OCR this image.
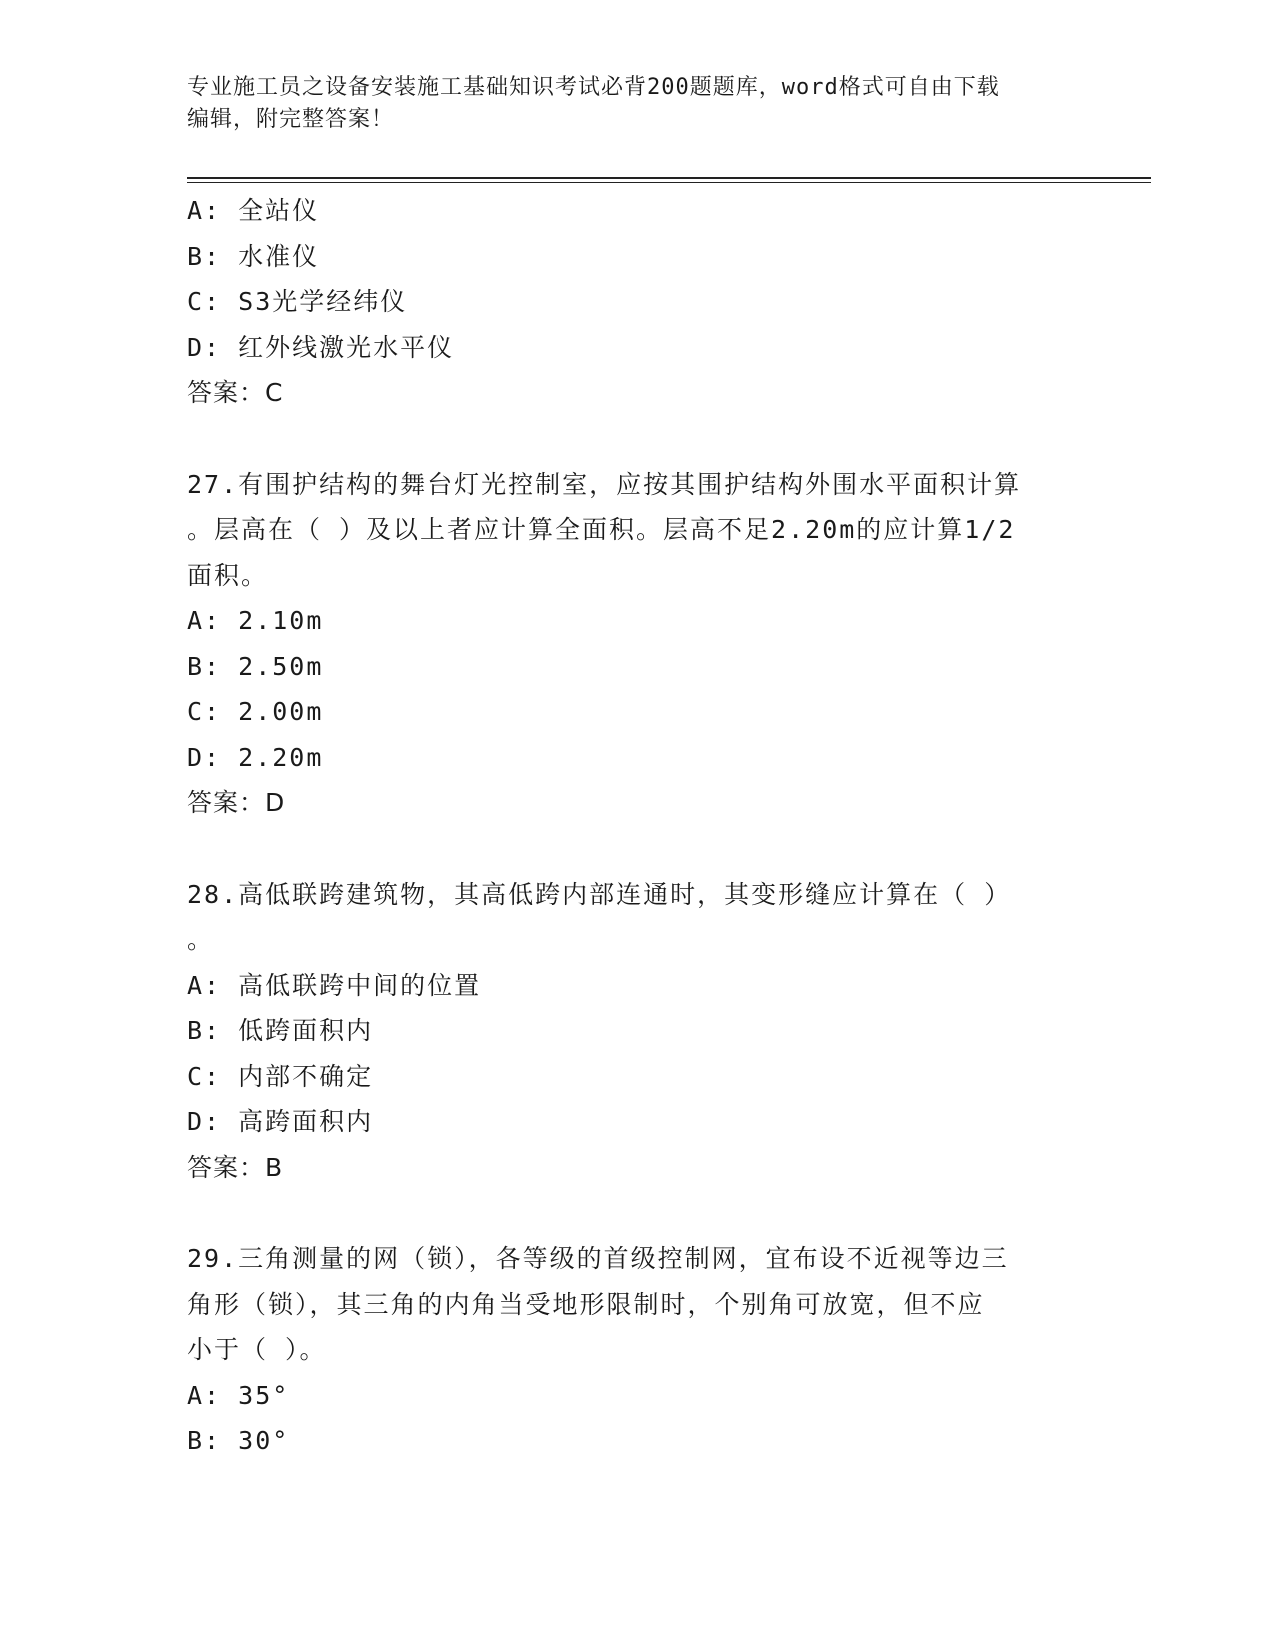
专业施工员之设备安装施工基础知识考试必背200题题库，word格式可自由下载
编辑，附完整答案！
A: 全站仪
B: 水准仪
C: S3光学经纬仪
D: 红外线激光水平仪
答案：C
27.有围护结构的舞台灯光控制室，应按其围护结构外围水平面积计算
。层高在（ ）及以上者应计算全面积。层高不足2.20m的应计算1/2
面积。
A: 2.10m
B: 2.50m
C: 2.00m
D: 2.20m
答案：D
28.高低联跨建筑物，其高低跨内部连通时，其变形缝应计算在（ ）
。
A: 高低联跨中间的位置
B: 低跨面积内
C: 内部不确定
D: 高跨面积内
答案：B
29.三角测量的网（锁），各等级的首级控制网，宜布设不近视等边三
角形（锁），其三角的内角当受地形限制时，个别角可放宽，但不应
小于（ ）。
A: 35°
B: 30°
